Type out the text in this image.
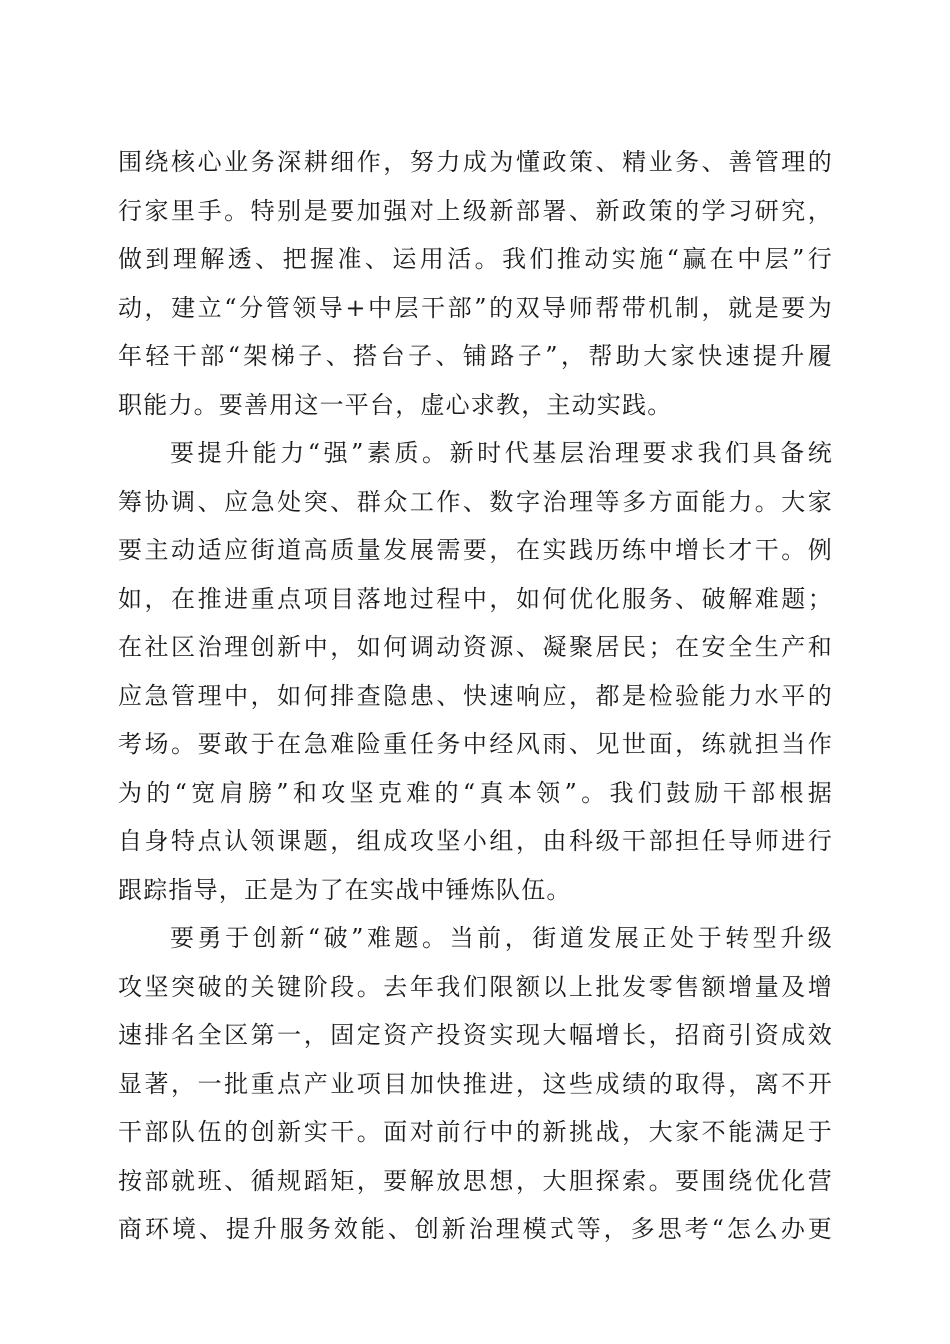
围绕核心业务深耕细作，努力成为懂政策、精业务、善管理的
行家里手。特别是要加强对上级新部署、新政策的学习研究，
做到理解透、把握准、运用活。我们推动实施“赢在中层”行
动，建立“分管领导+中层干部”的双导师帮带机制，就是要为
年轻干部“架梯子、搭台子、铺路子”，帮助大家快速提升履
职能力。要善用这一平台，虚心求教，主动实践。
要提升能力“强”素质。新时代基层治理要求我们具备统
筹协调、应急处突、群众工作、数字治理等多方面能力。大家
要主动适应街道高质量发展需要，在实践历练中增长才干。例
如，在推进重点项目落地过程中，如何优化服务、破解难题；
在社区治理创新中，如何调动资源、凝聚居民；在安全生产和
应急管理中，如何排查隐患、快速响应，都是检验能力水平的
考场。要敢于在急难险重任务中经风雨、见世面，练就担当作
为的“宽肩膀”和攻坚克难的“真本领”。我们鼓励干部根据
自身特点认领课题，组成攻坚小组，由科级干部担任导师进行
跟踪指导，正是为了在实战中锤炼队伍。
要勇于创新“破”难题。当前，街道发展正处于转型升级
攻坚突破的关键阶段。去年我们限额以上批发零售额增量及增
速排名全区第一，固定资产投资实现大幅增长，招商引资成效
显著，一批重点产业项目加快推进，这些成绩的取得，离不开
干部队伍的创新实干。面对前行中的新挑战，大家不能满足于
按部就班、循规蹈矩，要解放思想，大胆探索。要围绕优化营
商环境、提升服务效能、创新治理模式等，多思考“怎么办更
